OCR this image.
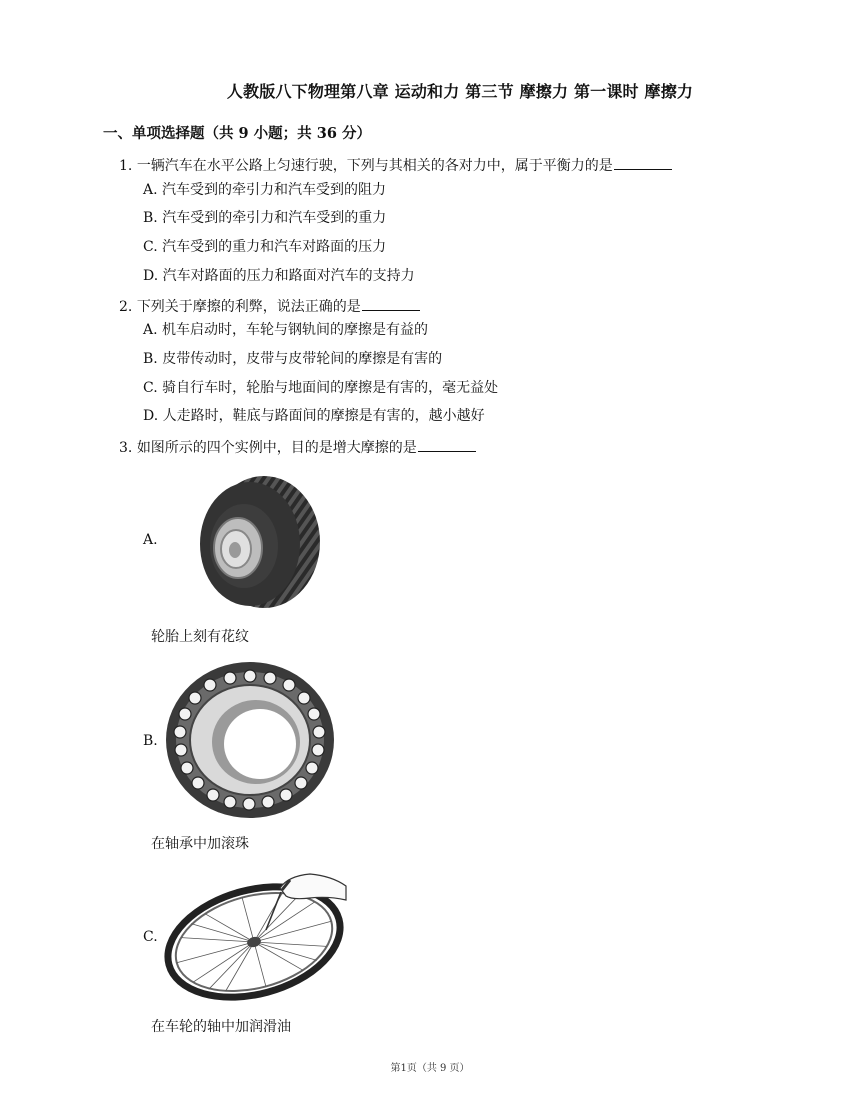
人教版八下物理第八章 运动和力 第三节 摩擦力 第一课时 摩擦力
一、单项选择题（共 9 小题；共 36 分）
1. 一辆汽车在水平公路上匀速行驶，下列与其相关的各对力中，属于平衡力的是
A. 汽车受到的牵引力和汽车受到的阻力
B. 汽车受到的牵引力和汽车受到的重力
C. 汽车受到的重力和汽车对路面的压力
D. 汽车对路面的压力和路面对汽车的支持力
2. 下列关于摩擦的利弊，说法正确的是
A. 机车启动时，车轮与钢轨间的摩擦是有益的
B. 皮带传动时，皮带与皮带轮间的摩擦是有害的
C. 骑自行车时，轮胎与地面间的摩擦是有害的，毫无益处
D. 人走路时，鞋底与路面间的摩擦是有害的，越小越好
3. 如图所示的四个实例中，目的是增大摩擦的是
A.
轮胎上刻有花纹
B.
在轴承中加滚珠
C.
在车轮的轴中加润滑油
第1页（共 9 页）
